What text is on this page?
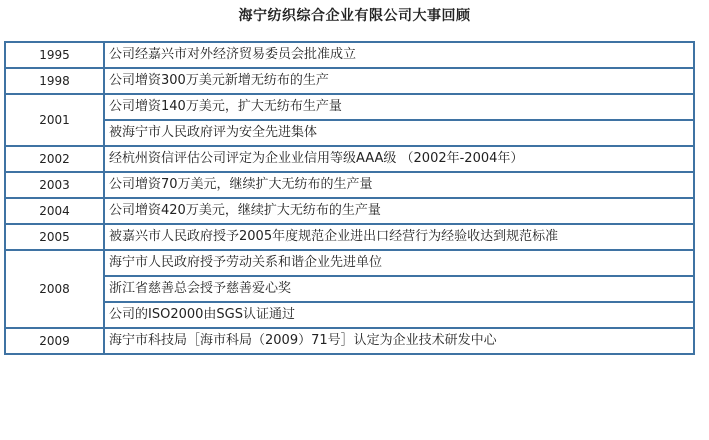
海宁纺织综合企业有限公司大事回顾
1995	公司经嘉兴市对外经济贸易委员会批准成立
1998	公司增资300万美元新增无纺布的生产
2001	公司增资140万美元，扩大无纺布生产量
	被海宁市人民政府评为安全先进集体
2002	经杭州资信评估公司评定为企业业信用等级AAA级 （2002年-2004年）
2003	公司增资70万美元，继续扩大无纺布的生产量
2004	公司增资420万美元，继续扩大无纺布的生产量
2005	被嘉兴市人民政府授予2005年度规范企业进出口经营行为经验收达到规范标准
2008	海宁市人民政府授予劳动关系和谐企业先进单位
	浙江省慈善总会授予慈善爱心奖
	公司的ISO2000由SGS认证通过
2009	海宁市科技局［海市科局（2009）71号］认定为企业技术研发中心
